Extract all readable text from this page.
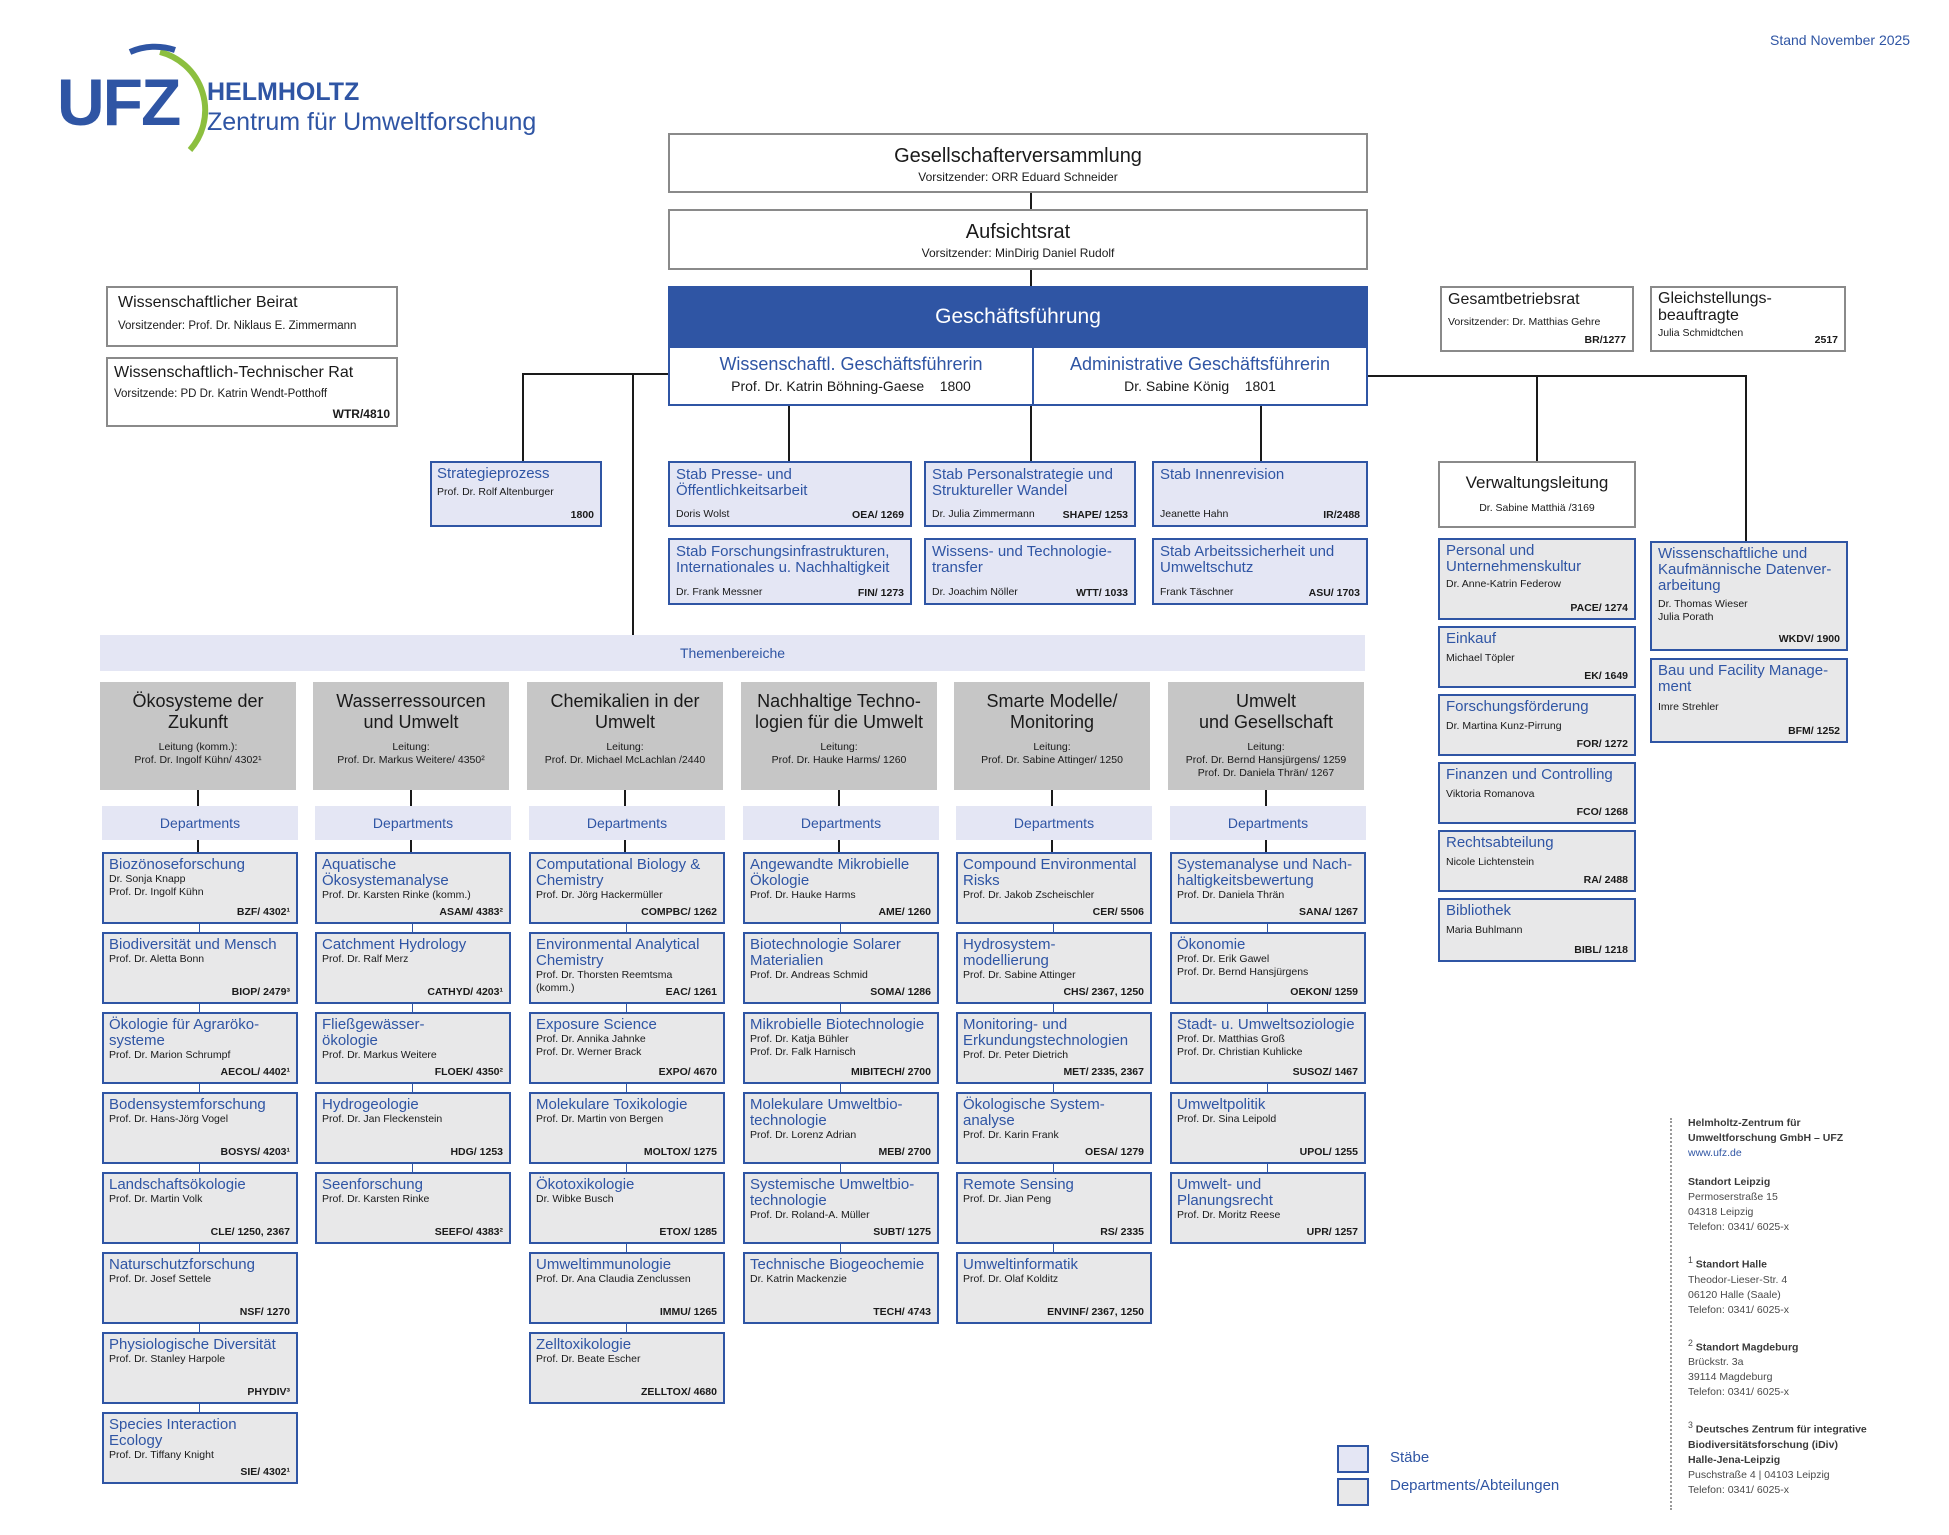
Stand November 2025
UFZ HELMHOLTZ
Zentrum für Umweltforschung
Gesellschafterversammlung
Vorsitzender: ORR Eduard Schneider
Aufsichtsrat
Vorsitzender: MinDirig Daniel Rudolf
Geschäftsführung
Wissenschaftl. Geschäftsführerin
Prof. Dr. Katrin Böhning-Gaese 1800
Administrative Geschäftsführerin
Dr. Sabine König 1801
Wissenschaftlicher Beirat
Vorsitzender: Prof. Dr. Niklaus E. Zimmermann
Wissenschaftlich-Technischer Rat
Vorsitzende: PD Dr. Katrin Wendt-Potthoff
WTR/4810
Gesamtbetriebsrat
Vorsitzender: Dr. Matthias Gehre
BR/1277
Gleichstellungs-
beauftragte
Julia Schmidtchen
2517
Strategieprozess
Prof. Dr. Rolf Altenburger
1800
Stab Presse- und
Öffentlichkeitsarbeit
Doris Wolst	OEA/ 1269
Stab Personalstrategie und
Struktureller Wandel
Dr. Julia Zimmermann	SHAPE/ 1253
Stab Innenrevision
Jeanette Hahn	IR/2488
Stab Forschungsinfrastrukturen,
Internationales u. Nachhaltigkeit
Dr. Frank Messner	FIN/ 1273
Wissens- und Technologie-
transfer
Dr. Joachim Nöller	WTT/ 1033
Stab Arbeitssicherheit und
Umweltschutz
Frank Täschner	ASU/ 1703
Verwaltungsleitung
Dr. Sabine Matthiä /3169
Personal und
Unternehmenskultur
Dr. Anne-Katrin Federow
PACE/ 1274
Einkauf
Michael Töpler
EK/ 1649
Forschungsförderung
Dr. Martina Kunz-Pirrung
FOR/ 1272
Finanzen und Controlling
Viktoria Romanova
FCO/ 1268
Rechtsabteilung
Nicole Lichtenstein
RA/ 2488
Bibliothek
Maria Buhlmann
BIBL/ 1218
Wissenschaftliche und
Kaufmännische Datenver-
arbeitung
Dr. Thomas Wieser
Julia Porath
WKDV/ 1900
Bau und Facility Manage-
ment
Imre Strehler
BFM/ 1252
Themenbereiche
Ökosysteme der
Zukunft
Leitung (komm.):
Prof. Dr. Ingolf Kühn/ 4302¹
Departments
Biozönoseforschung
Dr. Sonja Knapp
Prof. Dr. Ingolf Kühn
BZF/ 4302¹
Biodiversität und Mensch
Prof. Dr. Aletta Bonn
BIOP/ 2479³
Ökologie für Agraröko-
systeme
Prof. Dr. Marion Schrumpf
AECOL/ 4402¹
Bodensystemforschung
Prof. Dr. Hans-Jörg Vogel
BOSYS/ 4203¹
Landschaftsökologie
Prof. Dr. Martin Volk
CLE/ 1250, 2367
Naturschutzforschung
Prof. Dr. Josef Settele
NSF/ 1270
Physiologische Diversität
Prof. Dr. Stanley Harpole
PHYDIV³
Species Interaction
Ecology
Prof. Dr. Tiffany Knight
SIE/ 4302¹
Wasserressourcen
und Umwelt
Leitung:
Prof. Dr. Markus Weitere/ 4350²
Departments
Aquatische
Ökosystemanalyse
Prof. Dr. Karsten Rinke (komm.)
ASAM/ 4383²
Catchment Hydrology
Prof. Dr. Ralf Merz
CATHYD/ 4203¹
Fließgewässer-
ökologie
Prof. Dr. Markus Weitere
FLOEK/ 4350²
Hydrogeologie
Prof. Dr. Jan Fleckenstein
HDG/ 1253
Seenforschung
Prof. Dr. Karsten Rinke
SEEFO/ 4383²
Chemikalien in der
Umwelt
Leitung:
Prof. Dr. Michael McLachlan /2440
Departments
Computational Biology &
Chemistry
Prof. Dr. Jörg Hackermüller
COMPBC/ 1262
Environmental Analytical
Chemistry
Prof. Dr. Thorsten Reemtsma
(komm.)	EAC/ 1261
Exposure Science
Prof. Dr. Annika Jahnke
Prof. Dr. Werner Brack
EXPO/ 4670
Molekulare Toxikologie
Prof. Dr. Martin von Bergen
MOLTOX/ 1275
Ökotoxikologie
Dr. Wibke Busch
ETOX/ 1285
Umweltimmunologie
Prof. Dr. Ana Claudia Zenclussen
IMMU/ 1265
Zelltoxikologie
Prof. Dr. Beate Escher
ZELLTOX/ 4680
Nachhaltige Techno-
logien für die Umwelt
Leitung:
Prof. Dr. Hauke Harms/ 1260
Departments
Angewandte Mikrobielle
Ökologie
Prof. Dr. Hauke Harms
AME/ 1260
Biotechnologie Solarer
Materialien
Prof. Dr. Andreas Schmid
SOMA/ 1286
Mikrobielle Biotechnologie
Prof. Dr. Katja Bühler
Prof. Dr. Falk Harnisch
MIBITECH/ 2700
Molekulare Umweltbio-
technologie
Prof. Dr. Lorenz Adrian
MEB/ 2700
Systemische Umweltbio-
technologie
Prof. Dr. Roland-A. Müller
SUBT/ 1275
Technische Biogeochemie
Dr. Katrin Mackenzie
TECH/ 4743
Smarte Modelle/
Monitoring
Leitung:
Prof. Dr. Sabine Attinger/ 1250
Departments
Compound Environmental
Risks
Prof. Dr. Jakob Zscheischler
CER/ 5506
Hydrosystem-
modellierung
Prof. Dr. Sabine Attinger
CHS/ 2367, 1250
Monitoring- und
Erkundungstechnologien
Prof. Dr. Peter Dietrich
MET/ 2335, 2367
Ökologische System-
analyse
Prof. Dr. Karin Frank
OESA/ 1279
Remote Sensing
Prof. Dr. Jian Peng
RS/ 2335
Umweltinformatik
Prof. Dr. Olaf Kolditz
ENVINF/ 2367, 1250
Umwelt
und Gesellschaft
Leitung:
Prof. Dr. Bernd Hansjürgens/ 1259
Prof. Dr. Daniela Thrän/ 1267
Departments
Systemanalyse und Nach-
haltigkeitsbewertung
Prof. Dr. Daniela Thrän
SANA/ 1267
Ökonomie
Prof. Dr. Erik Gawel
Prof. Dr. Bernd Hansjürgens
OEKON/ 1259
Stadt- u. Umweltsoziologie
Prof. Dr. Matthias Groß
Prof. Dr. Christian Kuhlicke
SUSOZ/ 1467
Umweltpolitik
Prof. Dr. Sina Leipold
UPOL/ 1255
Umwelt- und
Planungsrecht
Prof. Dr. Moritz Reese
UPR/ 1257
Stäbe
Departments/Abteilungen
Helmholtz-Zentrum für
Umweltforschung GmbH – UFZ
www.ufz.de
Standort Leipzig
Permoserstraße 15
04318 Leipzig
Telefon: 0341/ 6025-x
$^1$ Standort Halle
Theodor-Lieser-Str. 4
06120 Halle (Saale)
Telefon: 0341/ 6025-x
$^2$ Standort Magdeburg
Brückstr. 3a
39114 Magdeburg
Telefon: 0341/ 6025-x
$^3$ Deutsches Zentrum für integrative
Biodiversitätsforschung (iDiv)
Halle-Jena-Leipzig
Puschstraße 4 | 04103 Leipzig
Telefon: 0341/ 6025-x
